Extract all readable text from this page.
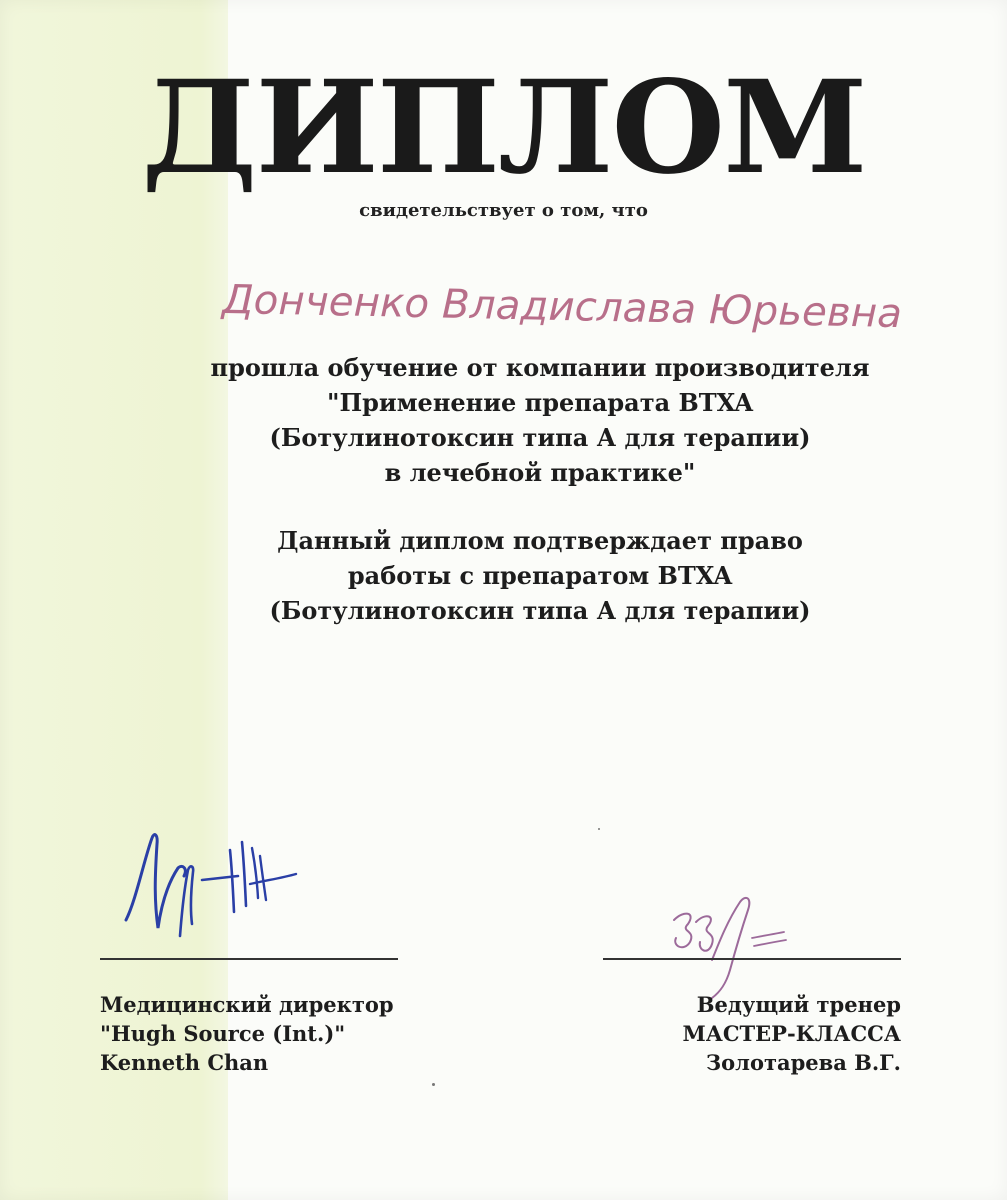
ДИПЛОМ
свидетельствует о том, что
Донченко Владислава Юрьевна
прошла обучение от компании производителя
"Применение препарата BTXA
(Ботулинотоксин типа А для терапии)
в лечебной практике"
Данный диплом подтверждает право
работы с препаратом BTXA
(Ботулинотоксин типа А для терапии)
Медицинский директор
"Hugh Source (Int.)"
Kenneth Chan
Ведущий тренер
МАСТЕР-КЛАССА
Золотарева В.Г.
